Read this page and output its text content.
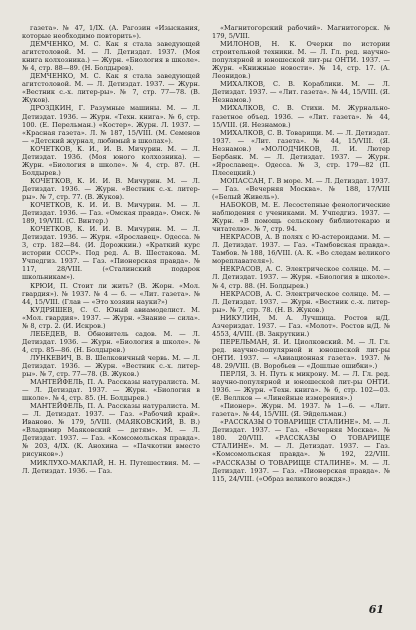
газета». № 47, 1/IX. (А. Рагозин «Изыскания, которые необходимо повторить»).

ДЕМЧЕНКО, М. С. Как я стала заведующей агитстоловой. М. — Л. Детиздат. 1937. (Моя книга колхозника.) — Журн. «Биология в школе». № 4, стр. 88—89. (Н. Болдырев).

ДЕМЧЕНКО, М. С. Как я стала заведующей агитстоловой. М. — Л. Детиздат. 1937. — Журн. «Вестник с.-х. литер-ры». № 7, стр. 77—78. (В. Жуков).

ДРОЗДКИН, Г. Разумные машины. М. — Л. Детиздат. 1936. — Журн. «Техн. книга». № 6, стр. 100. (Е. Перельман.) «Костер». Журн. Л. 1937. — «Красная газета». Л. № 187, 15/VIII. (М. Семенов — «Детский журнал, любимый в школах»).

КОЧЕТКОВ, К. И., И. В. Мичурин. М. — Л. Детиздат. 1936. (Моя юного колхозника). — Журн. «Биология в школе». № 4, стр. 87. (Н. Болдырев.)

КОЧЕТКОВ, К. И. И. В. Мичурин. М. — Л. Детиздат. 1936. — Журн. «Вестник с.-х. литер-ры». № 7, стр. 77. (В. Жуков).

КОЧЕТКОВ, К. И. И. В. Мичурин. М. — Л. Детиздат. 1936. — Газ. «Омская правда». Омск. № 189, 19/VIII. (С. Винтер.)

КОЧЕТКОВ, К. И. И. В. Мичурин. М. — Л. Детиздат. 1936. — Журн. «Ярославец». Одесса. № 3, стр. 182—84. (И. Дорожкин.) «Краткий курс истории СССР». Под ред. А. В. Шестакова. М. Учпедгиз. 1937. — Газ. «Пионерская правда». № 117, 28/VIII. («Сталинский подарок школьникам»).

КРЮИ, П. Стоит ли жить? (В. Жорн. «Мол. гвардия»). № 1937. № 4 — 6. — «Лит. газета». № 44, 15/VIII. (Глав — «Это хозяин науки?»)

КУДРЯШЕВ, С. С. Юный авиамоделист. М. «Мол. гвардия». 1937. — Журн. «Знание — сила». № 8, стр. 2. (И. Искров.)

ЛЕБЕДЕВ, В. Обновитель садов. М. — Л. Детиздат. 1936. — Журн. «Биология в школе». № 4, стр. 85—86. (Н. Болдырев.)

ЛУНКЕВИЧ, В. В. Шелковичный червь. М. — Л. Детиздат. 1936. — Журн. «Вестник с.-х. литер-ры». № 7, стр. 77—78. (В. Жуков.)

МАНТЕЙФЕЛЬ, П. А. Рассказы натуралиста. М. — Л. Детиздат. 1937. — Журн. «Биология в школе». № 4, стр. 85. (Н. Болдырев.)

МАНТЕЙФЕЛЬ, П. А. Рассказы натуралиста. М. — Л. Детиздат. 1937. — Газ. «Рабочий край». Иваново. № 179, 5/VIII. (МАЯКОВСКИЙ, В. В.) «Владимир Маяковский — детям». М. — Л. Детиздат. 1937. — Газ. «Комсомольская правда». № 203, 4/IX. (К. Анохина — «Пачкотни вместо рисунков».)

МИКЛУХО-МАКЛАЙ, Н. Н. Путешествия. М. — Л. Детиздат. 1936. — Газ.

«Магнитогорский рабочий». Магнитогорск. № 179, 5/VIII.

МИЛОНОВ, Н. К. Очерки по истории строительной техники. М. — Л. Гл. ред. научно-популярной и юношеской лит-ры ОНТИ. 1937. — Журн. «Книжные новости». № 14, стр. 17. (А. Леонидов.)

МИХАЛКОВ, С. В. Кораблики. М. — Л. Детиздат. 1937. — «Лит. газета». № 44, 15/VIII. (Я. Незнамов.)

МИХАЛКОВ, С. В. Стихи. М. Журнально-газетное объед. 1936. — «Лит. газета». № 44, 15/VIII. (Я. Незнамов.)

МИХАЛКОВ, С. В. Товарищи. М. — Л. Детиздат. 1937. — «Лит. газета». № 44, 15/VIII. (Я. Незнамов.) «МОЛОДЧИКОВ, Л. И. Лютер Бербанк. М. — Л. Детиздат. 1937. — Журн. «Ярославец». Одесса. № 3, стр. 179—82 (П. Плесецкий.)

МОПАССАН, Г. В море. М. — Л. Детиздат. 1937. — Газ. «Вечерняя Москва». № 188, 17/VIII («Белый Живель»).

НАБОКОВ, М. Е. Лесостепные фенологические наблюдения с учениками. М. Учпедгиз. 1937. — Журн. «В помощь сельскому библиотекарю и читателю». № 7, стр. 94.

НЕКРАСОВ, А. В полях с Ю-астероидами. М. — Л. Детиздат. 1937. — Газ. «Тамбовская правда». Тамбов. № 188, 16/VIII. (А. К. «Во следам великого мореплавателя»).

НЕКРАСОВ, А. С. Электрическое солнце. М. — Л. Детиздат. 1937. — Журн. «Биология в школе». № 4, стр. 88. (Н. Болдырев.)

НЕКРАСОВ, А. С. Электрическое солнце. М. — Л. Детиздат. 1937. — Журн. «Вестник с.-х. литер-ры». № 7, стр. 78. (Н. В. Жуков.)

НИКУЛИН, М. А. Лучшица. Ростов н/Д. Азчериздат. 1937. — Газ. «Молот». Ростов н/Д. № 4553, 4/VIII. (В. Закруткин.)

ПЕРЕЛЬМАН, Я. И. Циолковский. М. — Л. Гл. ред. научно-популярной и юношеской лит-ры ОНТИ. 1937. — «Авиационная газета». 1937. № 48. 29/VIII. (В. Воробьев — «Дошлые ошибки».)

ПЕРЛЯ, З. Н. Путь к микрону. М. — Л. Гл. ред. научно-популярной и юношеской лит-ры ОНТИ. 1936. — Журн. «Техн. книга». № 6, стр. 102—03. (Е. Веллков — «Линейные измерения».)

«Пионер». Журн. М. 1937. № 1—6. — «Лит. газета». № 44, 15/VIII. (Я. Эйдельман.)

«РАССКАЗЫ О ТОВАРИЩЕ СТАЛИНЕ». М. — Л. Детиздат. 1937. — Газ. «Вечерняя Москва». № 180. 20/VIII. «РАССКАЗЫ О ТОВАРИЩЕ СТАЛИНЕ». М. — Л. Детиздат. 1937. — Газ. «Комсомольская правда». № 192, 22/VIII. «РАССКАЗЫ О ТОВАРИЩЕ СТАЛИНЕ». М. — Л. Детиздат. 1937. — Газ. «Пионерская правда». № 115, 24/VIII. («Образ великого вождя».)

61
